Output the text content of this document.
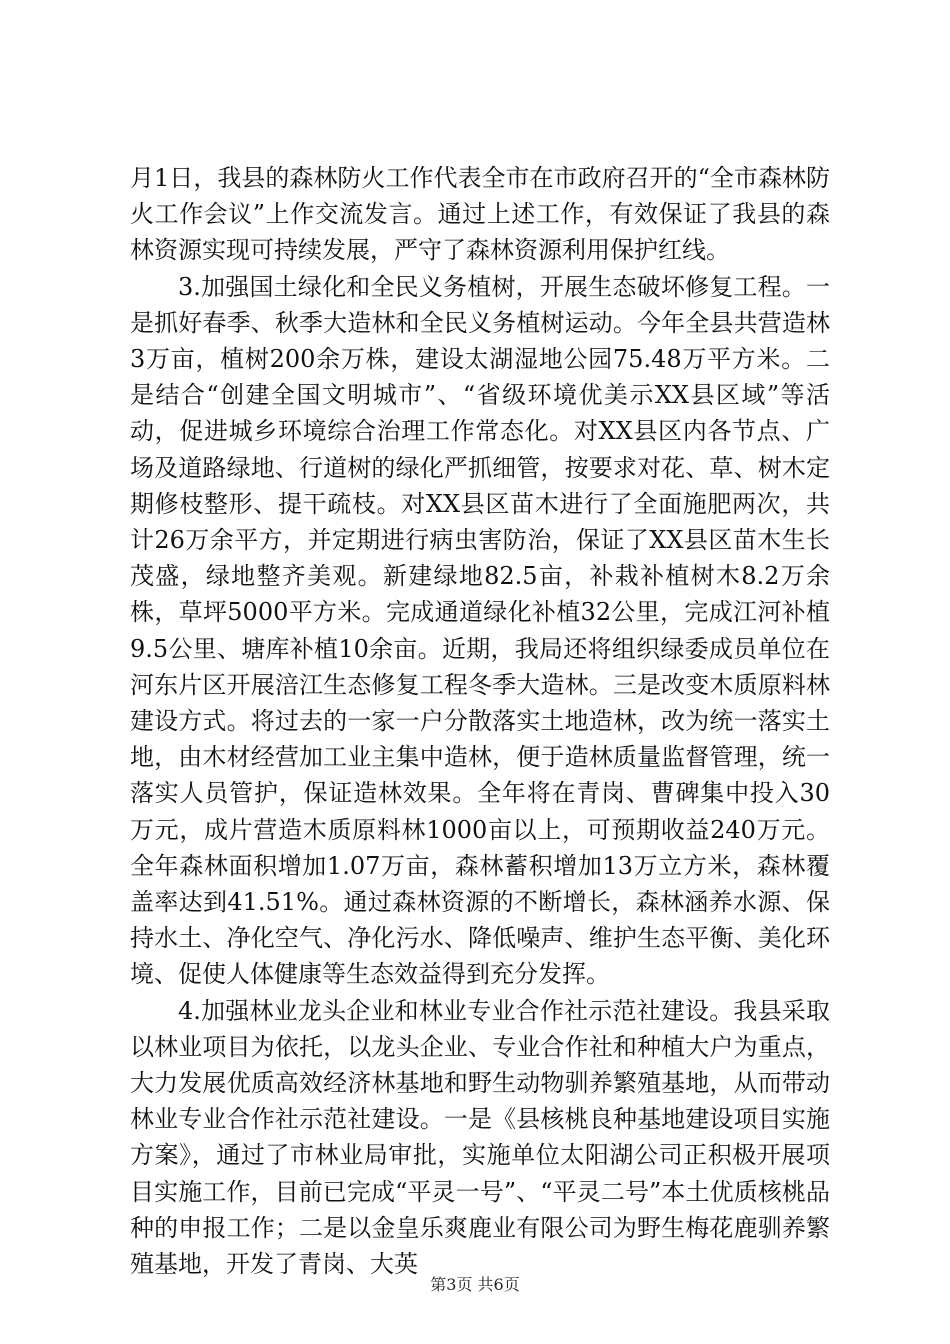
月1日，我县的森林防火工作代表全市在市政府召开的“全市森林防火工作会议”上作交流发言。通过上述工作，有效保证了我县的森林资源实现可持续发展，严守了森林资源利用保护红线。

3.加强国土绿化和全民义务植树，开展生态破坏修复工程。一是抓好春季、秋季大造林和全民义务植树运动。今年全县共营造林3万亩，植树200余万株，建设太湖湿地公园75.48万平方米。二是结合“创建全国文明城市”、“省级环境优美示XX县区域”等活动，促进城乡环境综合治理工作常态化。对XX县区内各节点、广场及道路绿地、行道树的绿化严抓细管，按要求对花、草、树木定期修枝整形、提干疏枝。对XX县区苗木进行了全面施肥两次，共计26万余平方，并定期进行病虫害防治，保证了XX县区苗木生长茂盛，绿地整齐美观。新建绿地82.5亩，补栽补植树木8.2万余株，草坪5000平方米。完成通道绿化补植32公里，完成江河补植9.5公里、塘库补植10余亩。近期，我局还将组织绿委成员单位在河东片区开展涪江生态修复工程冬季大造林。三是改变木质原料林建设方式。将过去的一家一户分散落实土地造林，改为统一落实土地，由木材经营加工业主集中造林，便于造林质量监督管理，统一落实人员管护，保证造林效果。全年将在青岗、曹碑集中投入30万元，成片营造木质原料林1000亩以上，可预期收益240万元。全年森林面积增加1.07万亩，森林蓄积增加13万立方米，森林覆盖率达到41.51%。通过森林资源的不断增长，森林涵养水源、保持水土、净化空气、净化污水、降低噪声、维护生态平衡、美化环境、促使人体健康等生态效益得到充分发挥。

4.加强林业龙头企业和林业专业合作社示范社建设。我县采取以林业项目为依托，以龙头企业、专业合作社和种植大户为重点，大力发展优质高效经济林基地和野生动物驯养繁殖基地，从而带动林业专业合作社示范社建设。一是《县核桃良种基地建设项目实施方案》，通过了市林业局审批，实施单位太阳湖公司正积极开展项目实施工作，目前已完成“平灵一号”、“平灵二号”本土优质核桃品种的申报工作；二是以金皇乐爽鹿业有限公司为野生梅花鹿驯养繁殖基地，开发了青岗、大英

第3页 共6页
